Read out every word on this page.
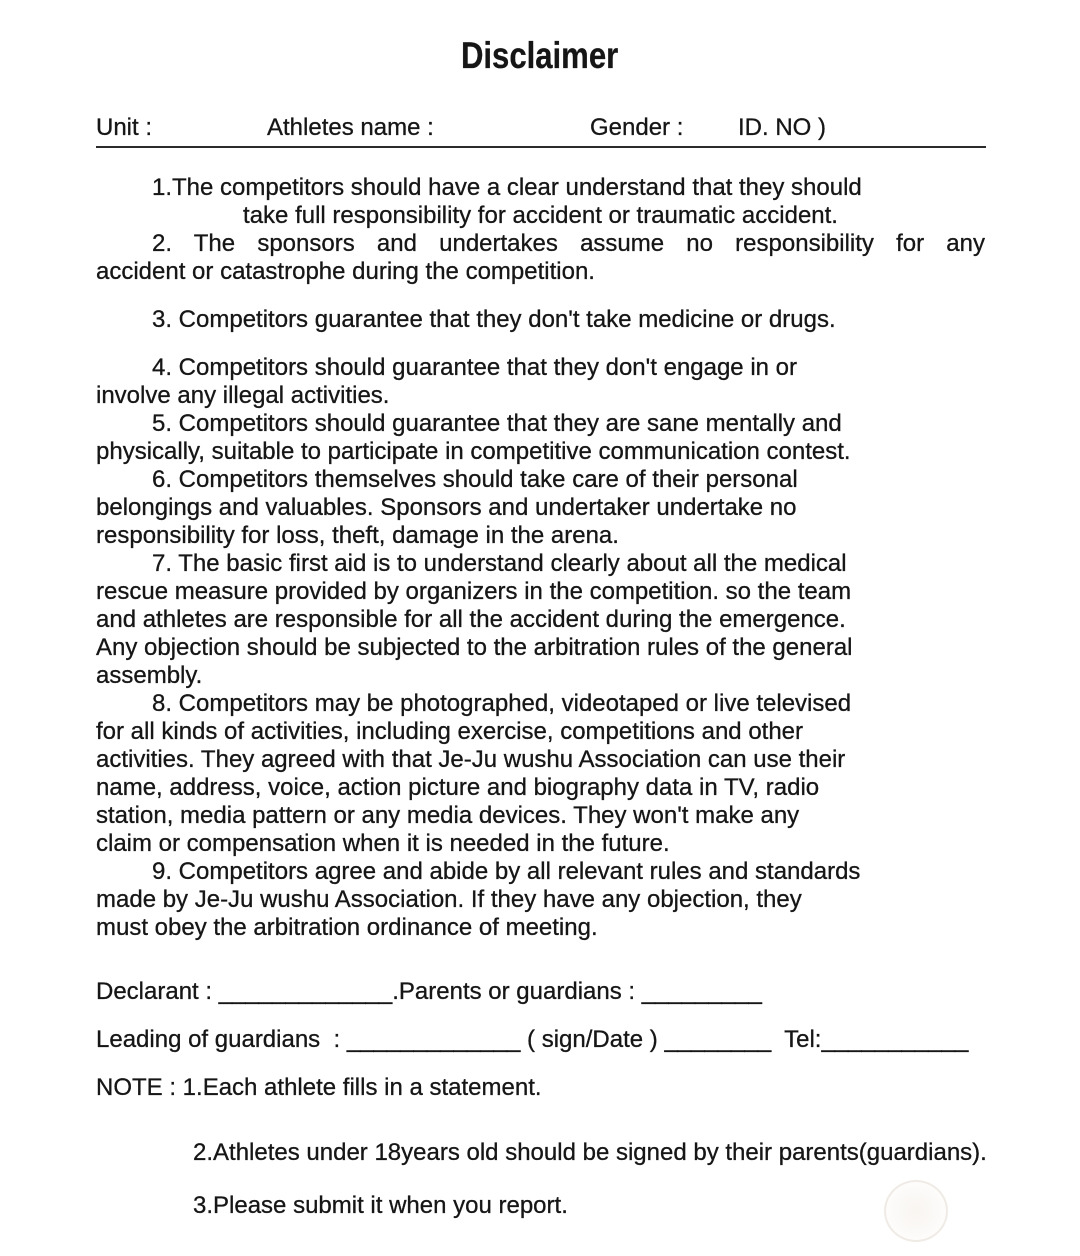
Disclaimer
Unit :	Athletes name :	Gender : ID. NO )
1.The competitors should have a clear understand that they should
take full responsibility for accident or traumatic accident.
2. The sponsors and undertakes assume no responsibility for any
accident or catastrophe during the competition.
3. Competitors guarantee that they don't take medicine or drugs.
4. Competitors should guarantee that they don't engage in or
involve any illegal activities.
5. Competitors should guarantee that they are sane mentally and
physically, suitable to participate in competitive communication contest.
6. Competitors themselves should take care of their personal
belongings and valuables. Sponsors and undertaker undertake no
responsibility for loss, theft, damage in the arena.
7. The basic first aid is to understand clearly about all the medical
rescue measure provided by organizers in the competition. so the team
and athletes are responsible for all the accident during the emergence.
Any objection should be subjected to the arbitration rules of the general
assembly.
8. Competitors may be photographed, videotaped or live televised
for all kinds of activities, including exercise, competitions and other
activities. They agreed with that Je-Ju wushu Association can use their
name, address, voice, action picture and biography data in TV, radio
station, media pattern or any media devices. They won't make any
claim or compensation when it is needed in the future.
9. Competitors agree and abide by all relevant rules and standards
made by Je-Ju wushu Association. If they have any objection, they
must obey the arbitration ordinance of meeting.
Declarant : _____________.Parents or guardians : _________
Leading of guardians  : _____________ ( sign/Date ) ________  Tel:___________
NOTE : 1.Each athlete fills in a statement.
2.Athletes under 18years old should be signed by their parents(guardians).
3.Please submit it when you report.
